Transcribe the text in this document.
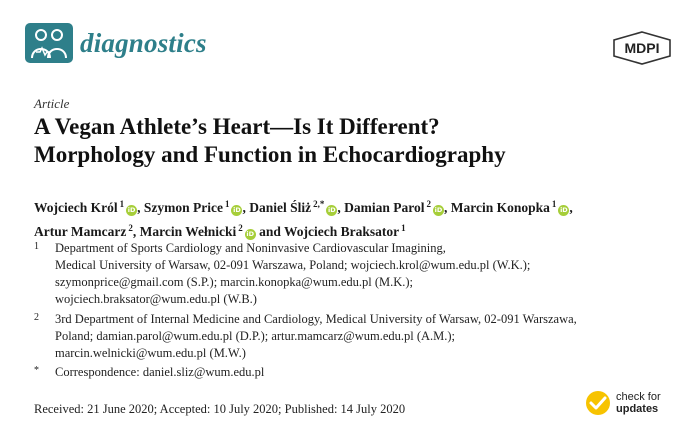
diagnostics	MDPI
Article
A Vegan Athlete’s Heart—Is It Different?
Morphology and Function in Echocardiography
Wojciech Król $^1$iD , Szymon Price $^1$iD , Daniel Śliż $^{2,*}$iD , Damian Parol $^2$iD , Marcin Konopka $^1$iD ,
Artur Mamcarz $^2$, Marcin Wełnicki $^2$iD and Wojciech Braksator $^1$
1 Department of Sports Cardiology and Noninvasive Cardiovascular Imagining,
Medical University of Warsaw, 02-091 Warszawa, Poland; wojciech.krol@wum.edu.pl (W.K.);
szymonprice@gmail.com (S.P.); marcin.konopka@wum.edu.pl (M.K.);
wojciech.braksator@wum.edu.pl (W.B.)
2 3rd Department of Internal Medicine and Cardiology, Medical University of Warsaw, 02-091 Warszawa,
Poland; damian.parol@wum.edu.pl (D.P.); artur.mamcarz@wum.edu.pl (A.M.);
marcin.welnicki@wum.edu.pl (M.W.)
* Correspondence: daniel.sliz@wum.edu.pl
Received: 21 June 2020; Accepted: 10 July 2020; Published: 14 July 2020
check for
updates
